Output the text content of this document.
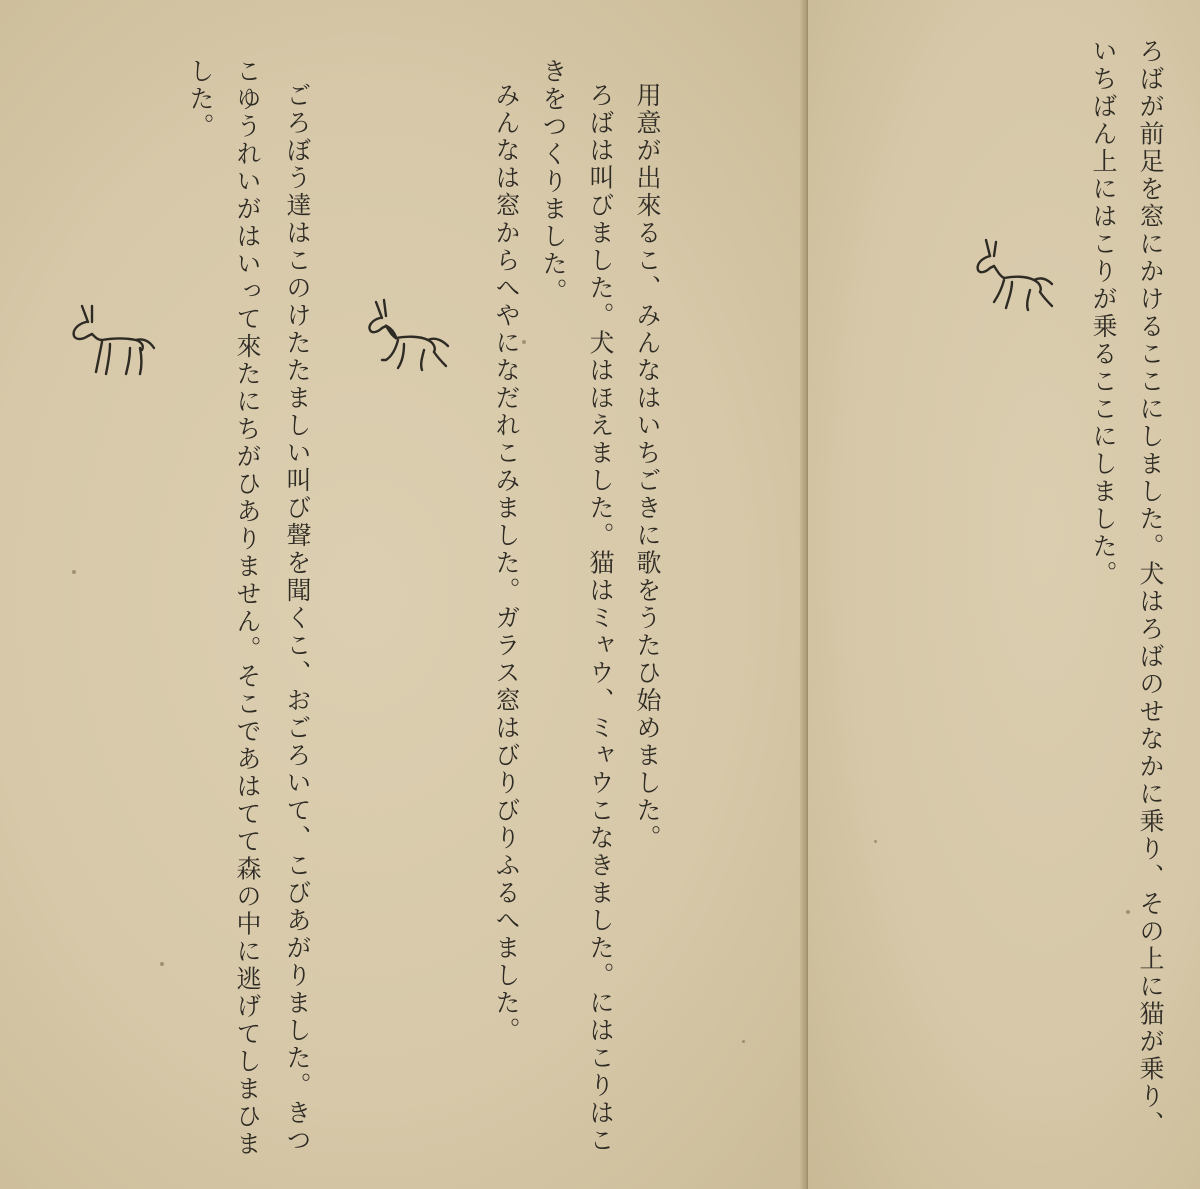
用意が出來るこ、みんなはいちごきに歌をうたひ始めました。
ろばは叫びました。犬はほえました。猫はミャウ、ミャウこなきました。にはこりはこ
きをつくりました。
みんなは窓からへやになだれこみました。ガラス窓はびりびりふるへました。
ごろぼう達はこのけたたましい叫び聲を聞くこ、おごろいて、こびあがりました。きつ
こゆうれいがはいって來たにちがひありません。そこであはてて森の中に逃げてしまひま
した。	ろばが前足を窓にかけるここにしました。犬はろばのせなかに乗り、その上に猫が乗り、
いちばん上にはこりが乗るここにしました。
